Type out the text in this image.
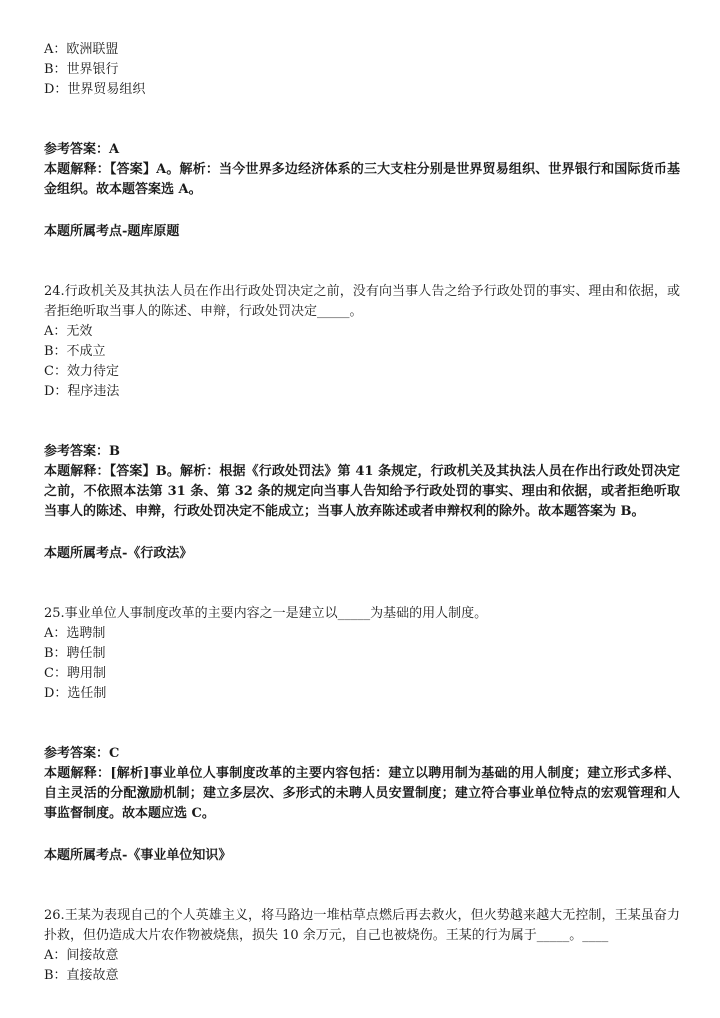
A：欧洲联盟
B：世界银行
D：世界贸易组织
参考答案：A
本题解释：【答案】A。解析：当今世界多边经济体系的三大支柱分别是世界贸易组织、世界银行和国际货币基金组织。故本题答案选 A。
本题所属考点-题库原题
24.行政机关及其执法人员在作出行政处罚决定之前，没有向当事人告之给予行政处罚的事实、理由和依据，或者拒绝听取当事人的陈述、申辩，行政处罚决定_____。
A：无效
B：不成立
C：效力待定
D：程序违法
参考答案：B
本题解释：【答案】B。解析：根据《行政处罚法》第 41 条规定，行政机关及其执法人员在作出行政处罚决定之前，不依照本法第 31 条、第 32 条的规定向当事人告知给予行政处罚的事实、理由和依据，或者拒绝听取当事人的陈述、申辩，行政处罚决定不能成立；当事人放弃陈述或者申辩权利的除外。故本题答案为 B。
本题所属考点-《行政法》
25.事业单位人事制度改革的主要内容之一是建立以_____为基础的用人制度。
A：选聘制
B：聘任制
C：聘用制
D：选任制
参考答案：C
本题解释：[解析]事业单位人事制度改革的主要内容包括：建立以聘用制为基础的用人制度；建立形式多样、自主灵活的分配激励机制；建立多层次、多形式的未聘人员安置制度；建立符合事业单位特点的宏观管理和人事监督制度。故本题应选 C。
本题所属考点-《事业单位知识》
26.王某为表现自己的个人英雄主义，将马路边一堆枯草点燃后再去救火，但火势越来越大无控制，王某虽奋力扑救，但仍造成大片农作物被烧焦，损失 10 余万元，自己也被烧伤。王某的行为属于_____。____
A：间接故意
B：直接故意
